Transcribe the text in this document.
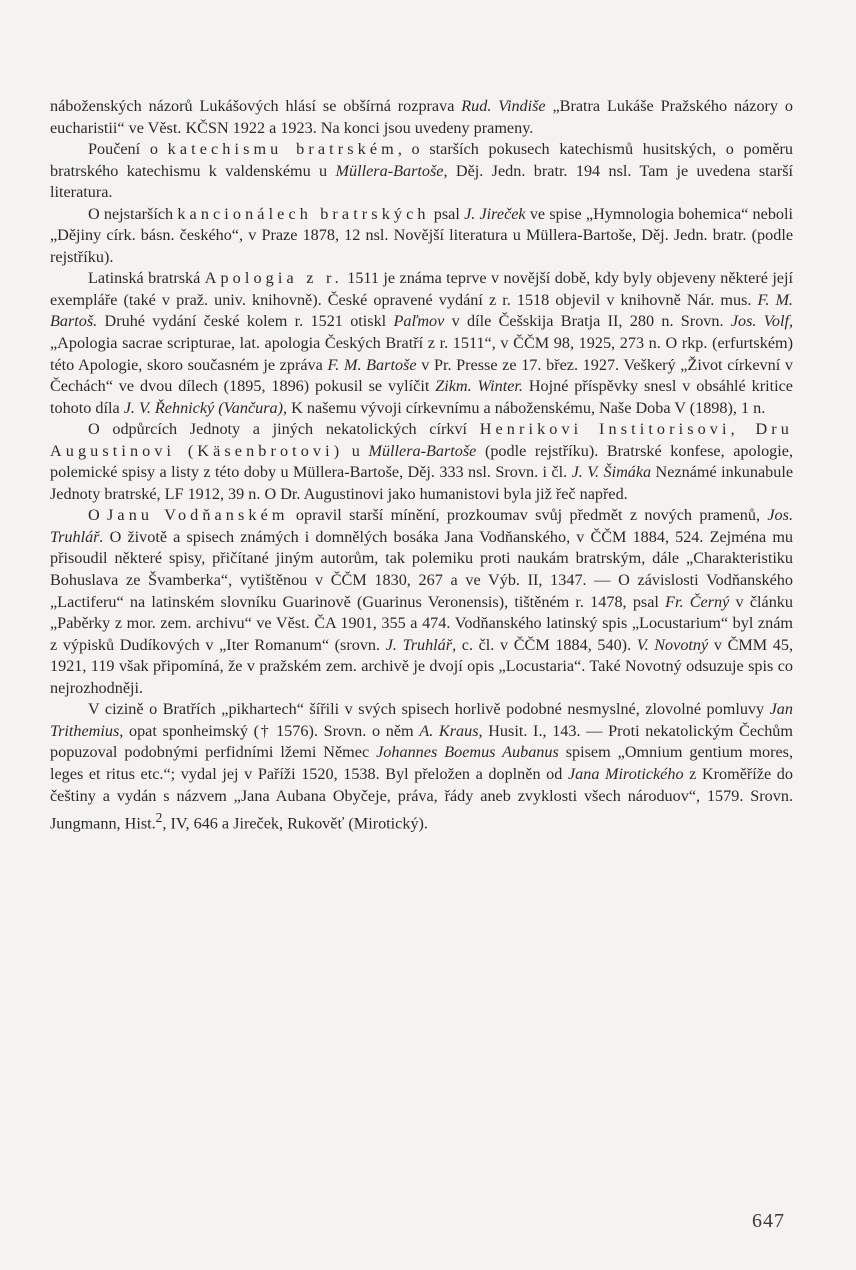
náboženských názorů Lukášových hlásí se obšírná rozprava Rud. Vindiše „Bratra Lukáše Pražského názory o eucharistii“ ve Věst. KČSN 1922 a 1923. Na konci jsou uvedeny prameny.

Poučení o katechismu bratrském, o starších pokusech katechismů husitských, o poměru bratrského katechismu k valdenskému u Müllera-Bartoše, Děj. Jedn. bratr. 194 nsl. Tam je uvedena starší literatura.

O nejstarších kancionálech bratrských psal J. Jireček ve spise „Hymnologia bohemica“ neboli „Dějiny círk. básn. českého“, v Praze 1878, 12 nsl. Novější literatura u Müllera-Bartoše, Děj. Jedn. bratr. (podle rejstříku).

Latinská bratrská Apologia z r. 1511 je známa teprve v novější době, kdy byly objeveny některé její exempláře (také v praž. univ. knihovně). České opravené vydání z r. 1518 objevil v knihovně Nár. mus. F. M. Bartoš. Druhé vydání české kolem r. 1521 otiskl Paľmov v díle Češskija Bratja II, 280 n. Srovn. Jos. Volf, „Apologia sacrae scripturae, lat. apologia Českých Bratří z r. 1511“, v ČČM 98, 1925, 273 n. O rkp. (erfurtském) této Apologie, skoro současném je zpráva F. M. Bartoše v Pr. Presse ze 17. břez. 1927. Veškerý „Život církevní v Čechách“ ve dvou dílech (1895, 1896) pokusil se vylíčit Zikm. Winter. Hojné příspěvky snesl v obsáhlé kritice tohoto díla J. V. Řehnický (Vančura), K našemu vývoji církevnímu a náboženskému, Naše Doba V (1898), 1 n.

O odpůrcích Jednoty a jiných nekatolických církví Henrikovi Institorisovi, Dru Augustinovi (Käsenbrotovi) u Müllera-Bartoše (podle rejstříku). Bratrské konfese, apologie, polemické spisy a listy z této doby u Müllera-Bartoše, Děj. 333 nsl. Srovn. i čl. J. V. Šimáka Neznámé inkunabule Jednoty bratrské, LF 1912, 39 n. O Dr. Augustinovi jako humanistovi byla již řeč napřed.

O Janu Vodňanském opravil starší mínění, prozkoumav svůj předmět z nových pramenů, Jos. Truhlář. O životě a spisech známých i domnělých bosáka Jana Vodňanského, v ČČM 1884, 524. Zejména mu přisoudil některé spisy, přičítané jiným autorům, tak polemiku proti naukám bratrským, dále „Charakteristiku Bohuslava ze Švamberka“, vytištěnou v ČČM 1830, 267 a ve Výb. II, 1347. — O závislosti Vodňanského „Lactiferu“ na latinském slovníku Guarinově (Guarinus Veronensis), tištěném r. 1478, psal Fr. Černý v článku „Paběrky z mor. zem. archivu“ ve Věst. ČA 1901, 355 a 474. Vodňanského latinský spis „Locustarium“ byl znám z výpisků Dudíkových v „Iter Romanum“ (srovn. J. Truhlář, c. čl. v ČČM 1884, 540). V. Novotný v ČMM 45, 1921, 119 však připomíná, že v pražském zem. archivě je dvojí opis „Locustaria“. Také Novotný odsuzuje spis co nejrozhodněji.

V cizině o Bratřích „pikhartech“ šířili v svých spisech horlivě podobné nesmyslné, zlovolné pomluvy Jan Trithemius, opat sponheimský († 1576). Srovn. o něm A. Kraus, Husit. I., 143. — Proti nekatolickým Čechům popuzoval podobnými perfidními lžemi Němec Johannes Boemus Aubanus spisem „Omnium gentium mores, leges et ritus etc.“; vydal jej v Paříži 1520, 1538. Byl přeložen a doplněn od Jana Mirotického z Kroměříže do češtiny a vydán s názvem „Jana Aubana Obyčeje, práva, řády aneb zvyklosti všech národuov“, 1579. Srovn. Jungmann, Hist.$^2$, IV, 646 a Jireček, Rukověť (Mirotický).

647
